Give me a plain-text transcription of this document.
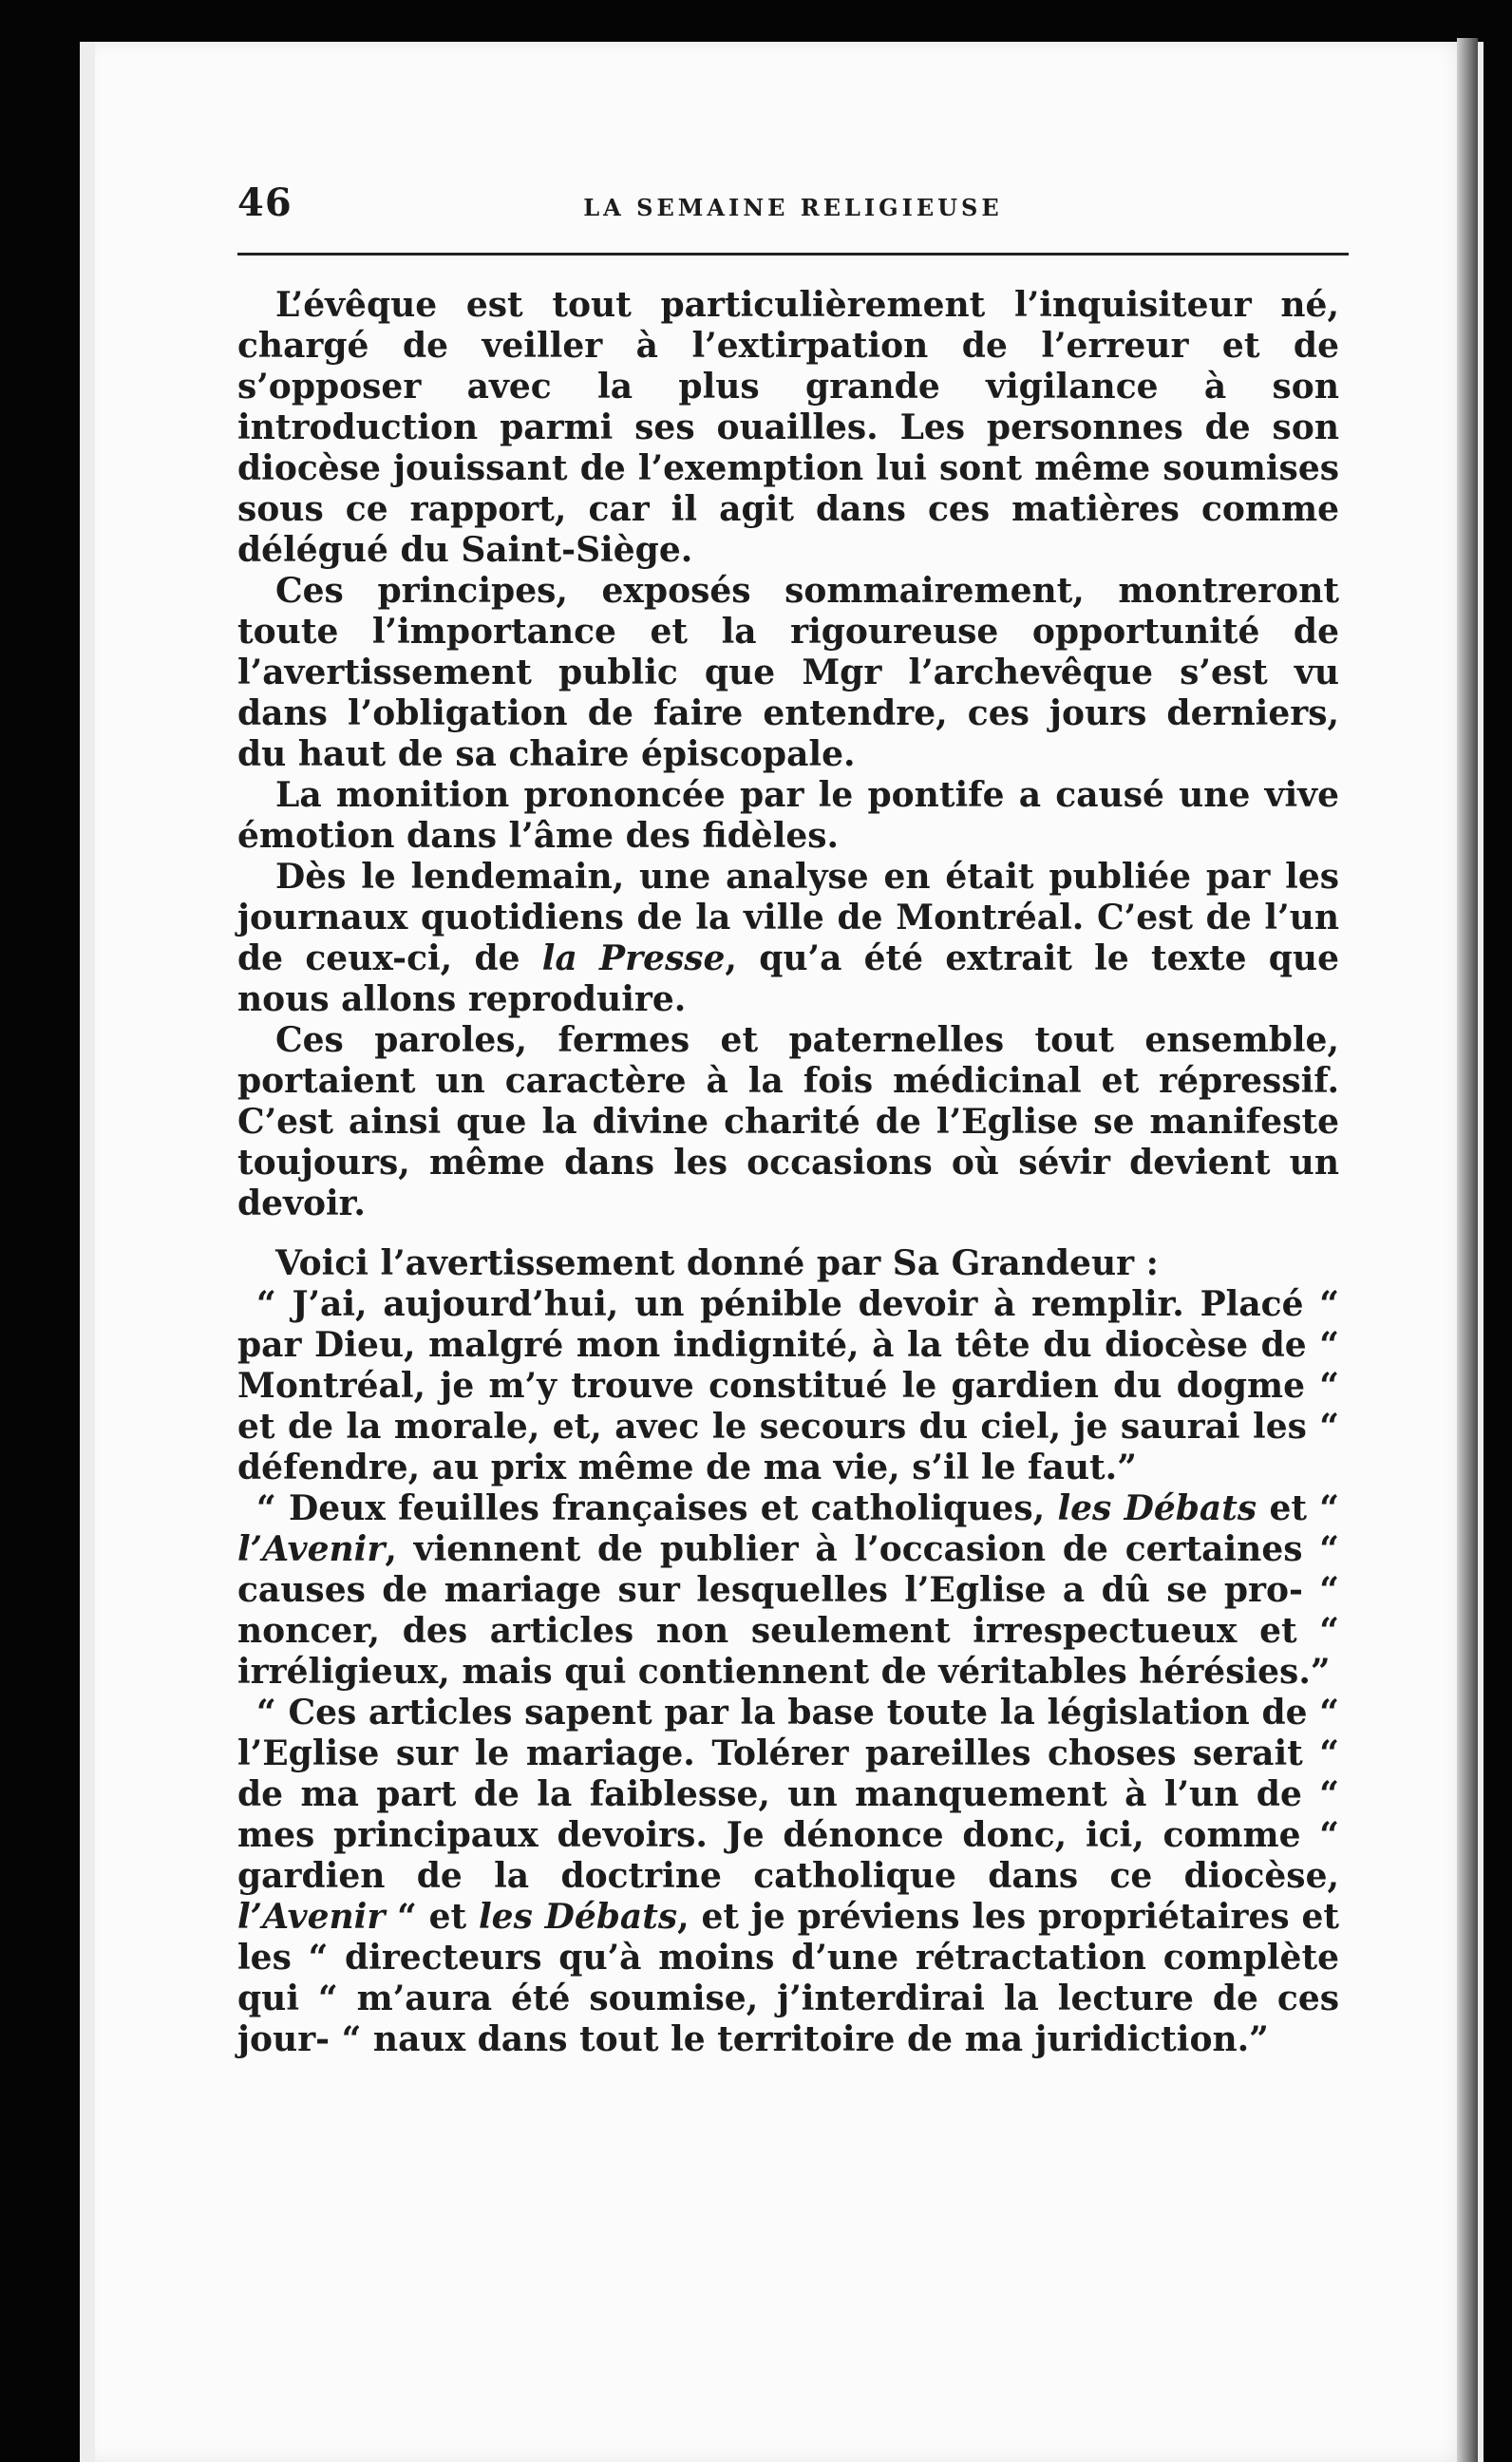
46	LA SEMAINE RELIGIEUSE

L’évêque est tout particulièrement l’inquisiteur né, chargé de veiller à l’extirpation de l’erreur et de s’opposer avec la plus grande vigilance à son introduction parmi ses ouailles. Les personnes de son diocèse jouissant de l’exemption lui sont même soumises sous ce rapport, car il agit dans ces matières comme délégué du Saint-Siège.

Ces principes, exposés sommairement, montreront toute l’importance et la rigoureuse opportunité de l’avertissement public que Mgr l’archevêque s’est vu dans l’obligation de faire entendre, ces jours derniers, du haut de sa chaire épiscopale.

La monition prononcée par le pontife a causé une vive émotion dans l’âme des fidèles.

Dès le lendemain, une analyse en était publiée par les journaux quotidiens de la ville de Montréal. C’est de l’un de ceux-ci, de la Presse, qu’a été extrait le texte que nous allons reproduire.

Ces paroles, fermes et paternelles tout ensemble, portaient un caractère à la fois médicinal et répressif. C’est ainsi que la divine charité de l’Eglise se manifeste toujours, même dans les occasions où sévir devient un devoir.

Voici l’avertissement donné par Sa Grandeur :

“ J’ai, aujourd’hui, un pénible devoir à remplir. Placé “ par Dieu, malgré mon indignité, à la tête du diocèse de “ Montréal, je m’y trouve constitué le gardien du dogme “ et de la morale, et, avec le secours du ciel, je saurai les “ défendre, au prix même de ma vie, s’il le faut.”

“ Deux feuilles françaises et catholiques, les Débats et “ l’Avenir, viennent de publier à l’occasion de certaines “ causes de mariage sur lesquelles l’Eglise a dû se pro- “ noncer, des articles non seulement irrespectueux et “ irréligieux, mais qui contiennent de véritables hérésies.”

“ Ces articles sapent par la base toute la législation de “ l’Eglise sur le mariage. Tolérer pareilles choses serait “ de ma part de la faiblesse, un manquement à l’un de “ mes principaux devoirs. Je dénonce donc, ici, comme “ gardien de la doctrine catholique dans ce diocèse, l’Avenir “ et les Débats, et je préviens les propriétaires et les “ directeurs qu’à moins d’une rétractation complète qui “ m’aura été soumise, j’interdirai la lecture de ces jour- “ naux dans tout le territoire de ma juridiction.”
